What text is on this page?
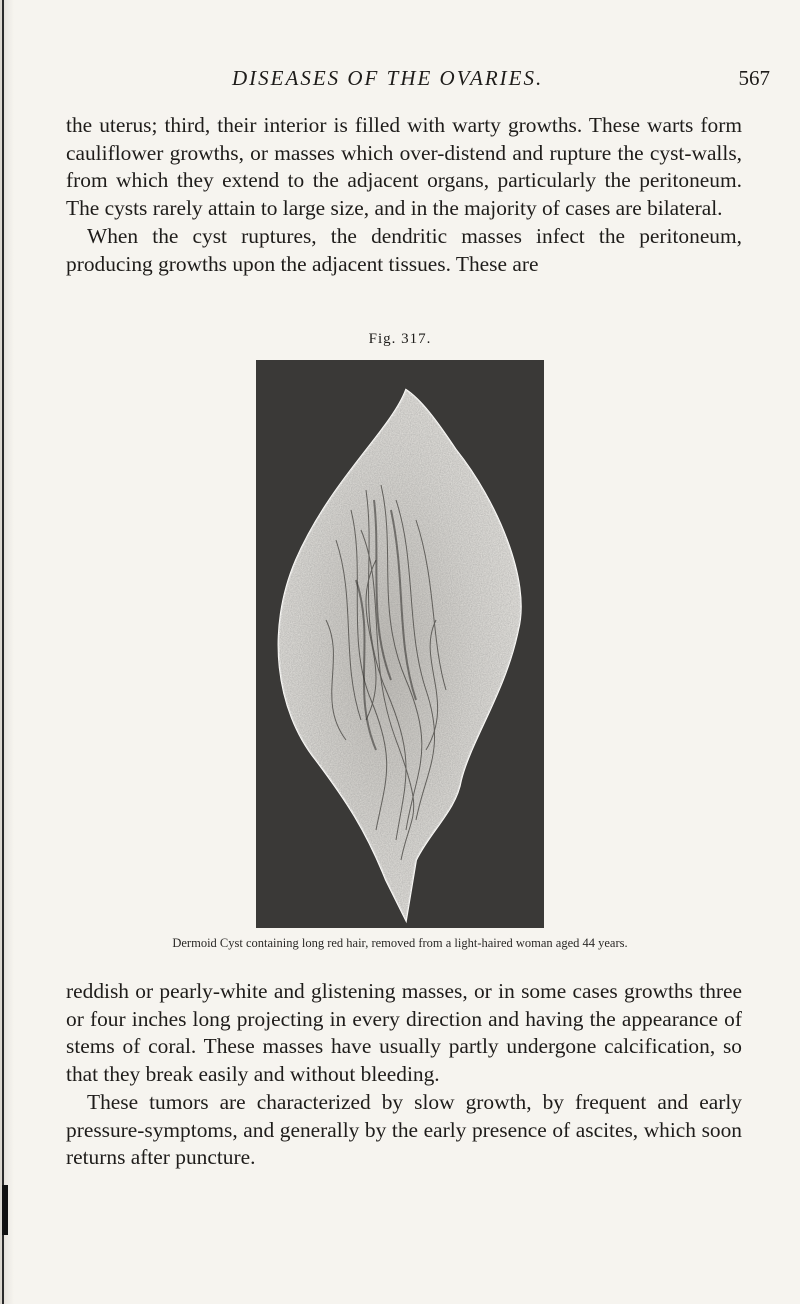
DISEASES OF THE OVARIES.	567
the uterus; third, their interior is filled with warty growths. These warts form cauliflower growths, or masses which over-distend and rupture the cyst-walls, from which they extend to the adjacent organs, particularly the peritoneum. The cysts rarely attain to large size, and in the majority of cases are bilateral.
When the cyst ruptures, the dendritic masses infect the peritoneum, producing growths upon the adjacent tissues. These are
Fig. 317.
Dermoid Cyst containing long red hair, removed from a light-haired woman aged 44 years.
reddish or pearly-white and glistening masses, or in some cases growths three or four inches long projecting in every direction and having the appearance of stems of coral. These masses have usually partly undergone calcification, so that they break easily and without bleeding.
These tumors are characterized by slow growth, by frequent and early pressure-symptoms, and generally by the early presence of ascites, which soon returns after puncture.
